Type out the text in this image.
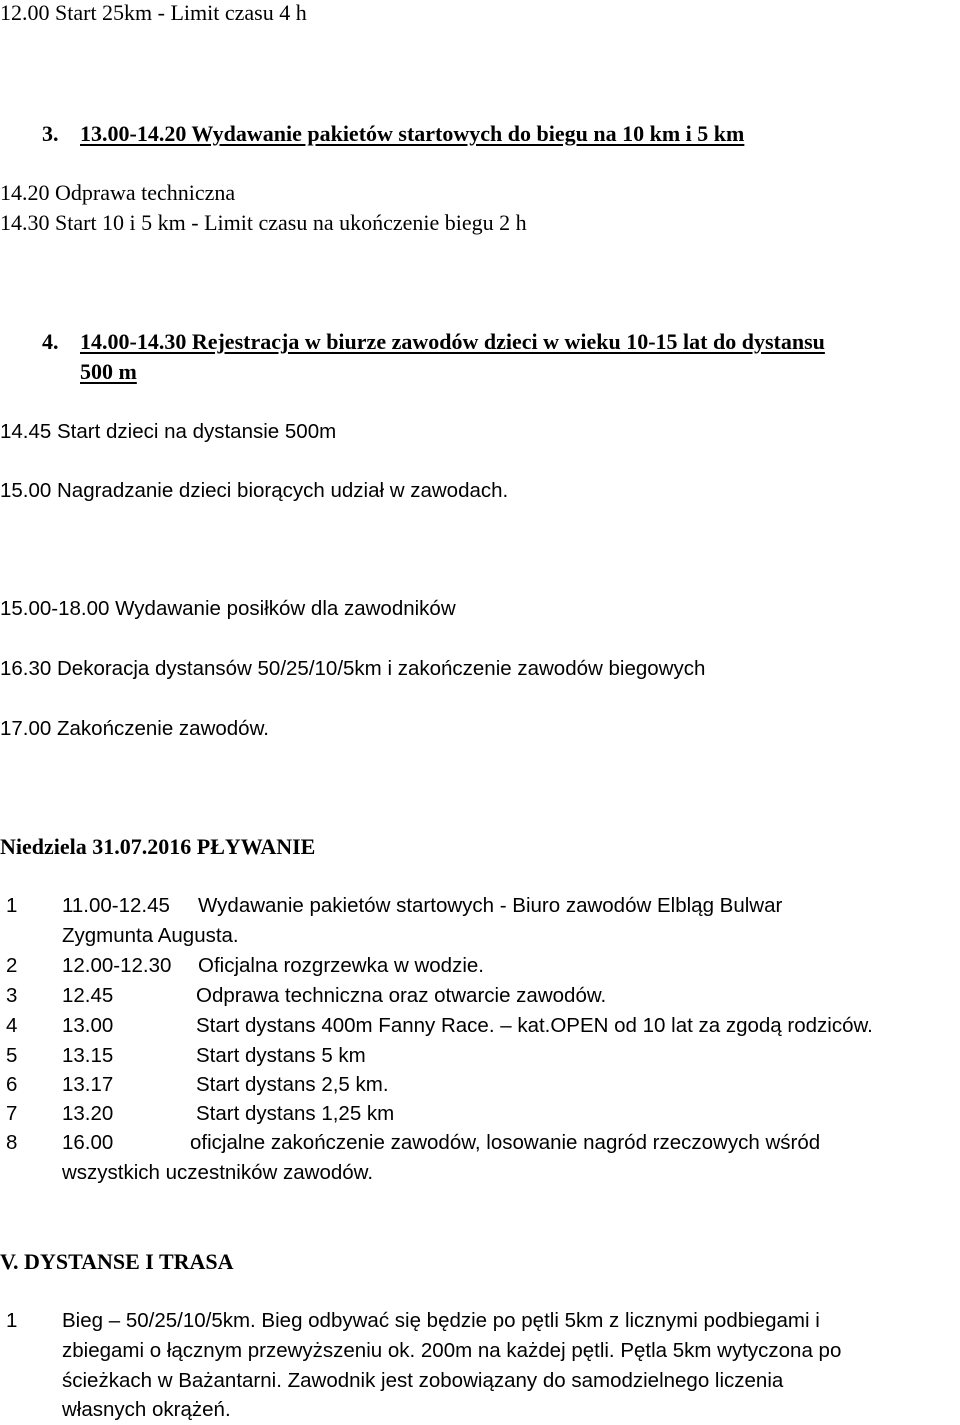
12.00 Start 25km - Limit czasu 4 h
3. 13.00-14.20 Wydawanie pakietów startowych do biegu na 10 km i 5 km
14.20 Odprawa techniczna
14.30 Start 10 i 5 km - Limit czasu na ukończenie biegu 2 h
4. 14.00-14.30 Rejestracja w biurze zawodów dzieci w wieku 10-15 lat do dystansu
500 m
14.45 Start dzieci na dystansie 500m
15.00 Nagradzanie dzieci biorących udział w zawodach.
15.00-18.00 Wydawanie posiłków dla zawodników
16.30 Dekoracja dystansów 50/25/10/5km i zakończenie zawodów biegowych
17.00 Zakończenie zawodów.
Niedziela 31.07.2016 PŁYWANIE
1 11.00-12.45 Wydawanie pakietów startowych - Biuro zawodów Elbląg Bulwar
Zygmunta Augusta.
2 12.00-12.30 Oficjalna rozgrzewka w wodzie.
3 12.45	Odprawa techniczna oraz otwarcie zawodów.
4 13.00	Start dystans 400m Fanny Race. – kat.OPEN od 10 lat za zgodą rodziców.
5 13.15	Start dystans 5 km
6 13.17	Start dystans 2,5 km.
7 13.20	Start dystans 1,25 km
8 16.00	oficjalne zakończenie zawodów, losowanie nagród rzeczowych wśród
wszystkich uczestników zawodów.
V. DYSTANSE I TRASA
1 Bieg – 50/25/10/5km. Bieg odbywać się będzie po pętli 5km z licznymi podbiegami i
zbiegami o łącznym przewyższeniu ok. 200m na każdej pętli. Pętla 5km wytyczona po
ścieżkach w Bażantarni. Zawodnik jest zobowiązany do samodzielnego liczenia
własnych okrążeń.
